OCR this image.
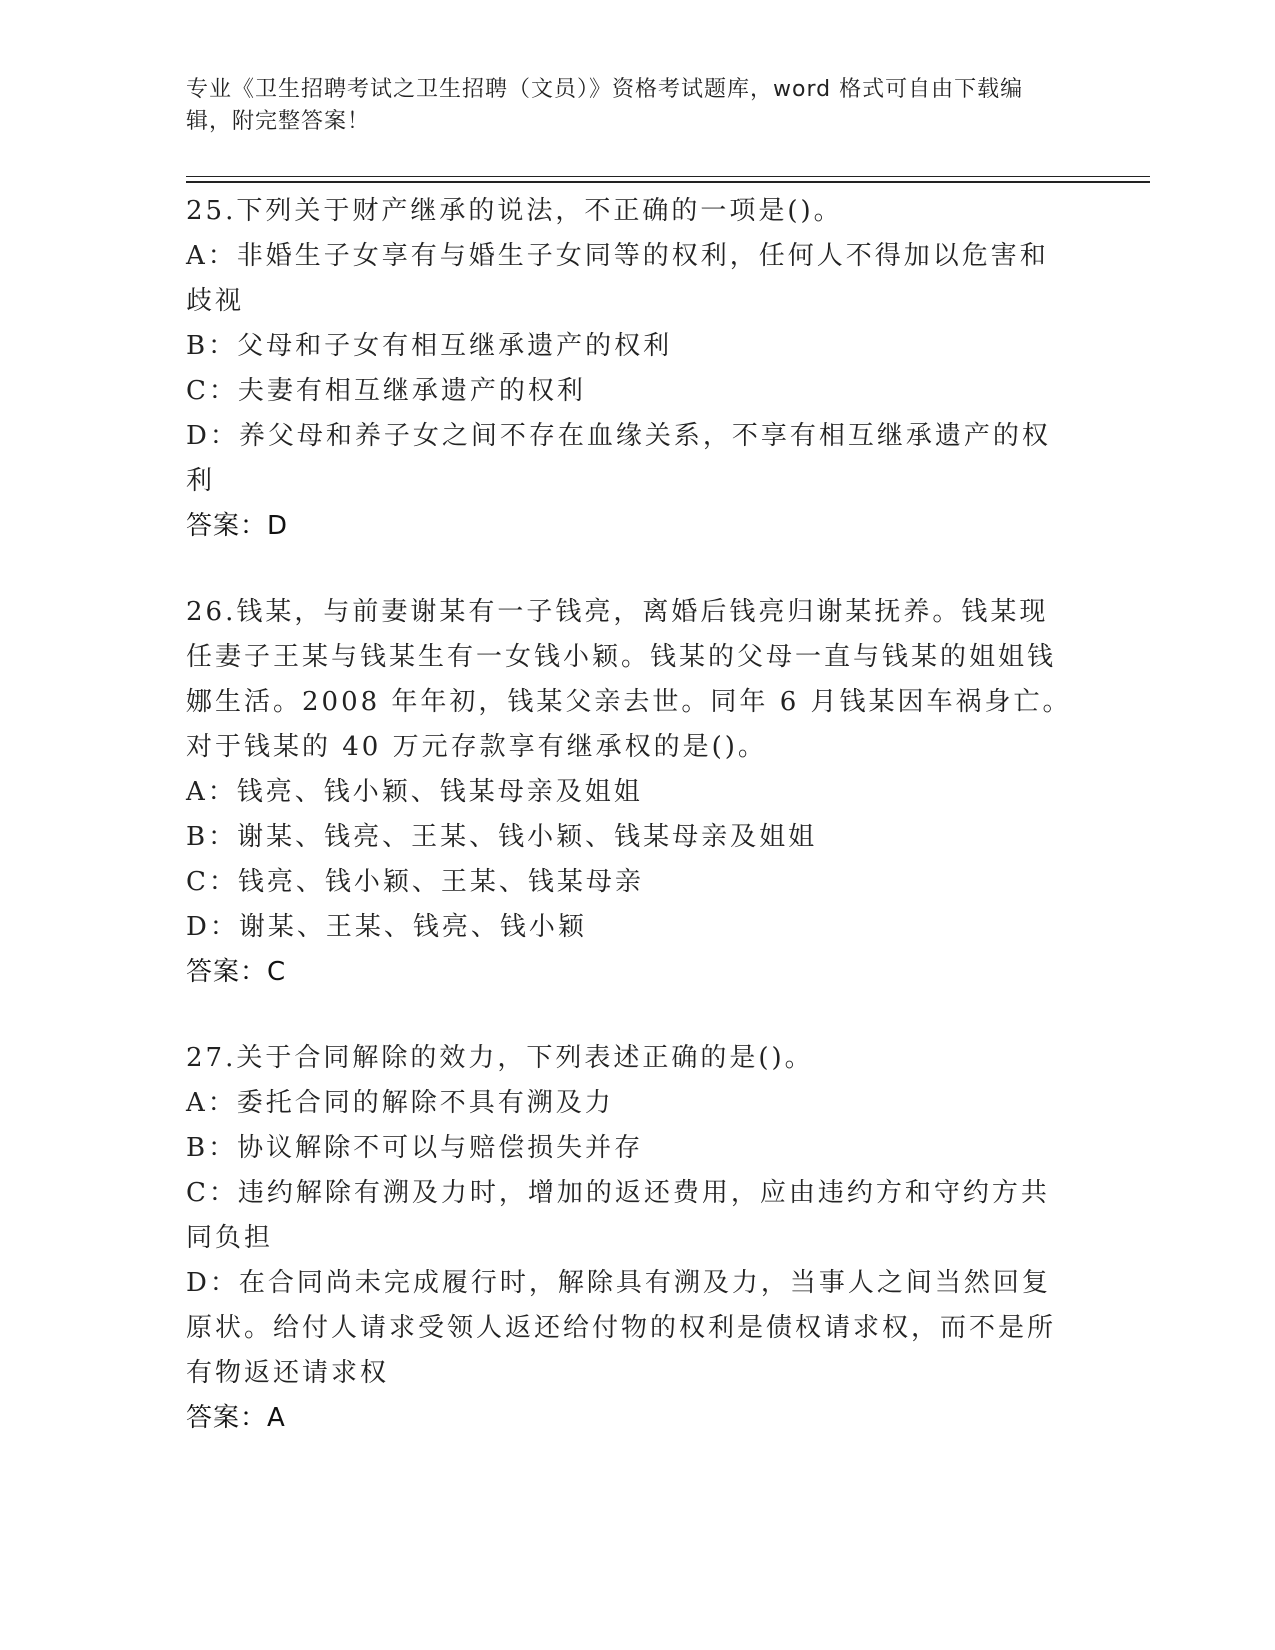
专业《卫生招聘考试之卫生招聘（文员）》资格考试题库，word 格式可自由下载编辑，附完整答案！

25.下列关于财产继承的说法，不正确的一项是()。

A：非婚生子女享有与婚生子女同等的权利，任何人不得加以危害和歧视

B：父母和子女有相互继承遗产的权利

C：夫妻有相互继承遗产的权利

D：养父母和养子女之间不存在血缘关系，不享有相互继承遗产的权利

答案：D

26.钱某，与前妻谢某有一子钱亮，离婚后钱亮归谢某抚养。钱某现任妻子王某与钱某生有一女钱小颖。钱某的父母一直与钱某的姐姐钱娜生活。2008 年年初，钱某父亲去世。同年 6 月钱某因车祸身亡。对于钱某的 40 万元存款享有继承权的是()。

A：钱亮、钱小颖、钱某母亲及姐姐

B：谢某、钱亮、王某、钱小颖、钱某母亲及姐姐

C：钱亮、钱小颖、王某、钱某母亲

D：谢某、王某、钱亮、钱小颖

答案：C

27.关于合同解除的效力，下列表述正确的是()。

A：委托合同的解除不具有溯及力

B：协议解除不可以与赔偿损失并存

C：违约解除有溯及力时，增加的返还费用，应由违约方和守约方共同负担

D：在合同尚未完成履行时，解除具有溯及力，当事人之间当然回复原状。给付人请求受领人返还给付物的权利是债权请求权，而不是所有物返还请求权

答案：A
